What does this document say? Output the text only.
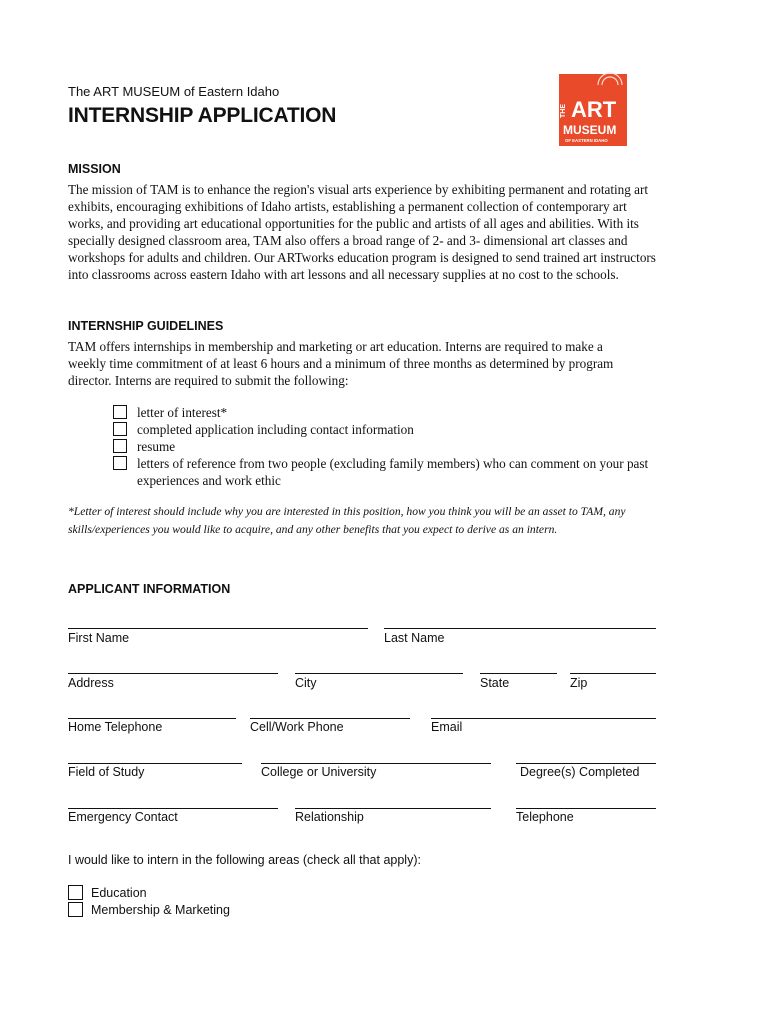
The ART MUSEUM of Eastern Idaho
INTERNSHIP APPLICATION	THE ART
MUSEUM
OF EASTERN IDAHO
MISSION
The mission of TAM is to enhance the region's visual arts experience by exhibiting permanent and rotating art exhibits, encouraging exhibitions of Idaho artists, establishing a permanent collection of contemporary art works, and providing art educational opportunities for the public and artists of all ages and abilities. With its specially designed classroom area, TAM also offers a broad range of 2- and 3- dimensional art classes and workshops for adults and children. Our ARTworks education program is designed to send trained art instructors into classrooms across eastern Idaho with art lessons and all necessary supplies at no cost to the schools.
INTERNSHIP GUIDELINES
TAM offers internships in membership and marketing or art education. Interns are required to make a weekly time commitment of at least 6 hours and a minimum of three months as determined by program director. Interns are required to submit the following:
letter of interest*
completed application including contact information
resume
letters of reference from two people (excluding family members) who can comment on your past experiences and work ethic
*Letter of interest should include why you are interested in this position, how you think you will be an asset to TAM, any skills/experiences you would like to acquire, and any other benefits that you expect to derive as an intern.
APPLICANT INFORMATION
First Name	Last Name
Address	City	State	Zip
Home Telephone	Cell/Work Phone	Email
Field of Study	College or University	Degree(s) Completed
Emergency Contact	Relationship	Telephone
I would like to intern in the following areas (check all that apply):
Education
Membership & Marketing
